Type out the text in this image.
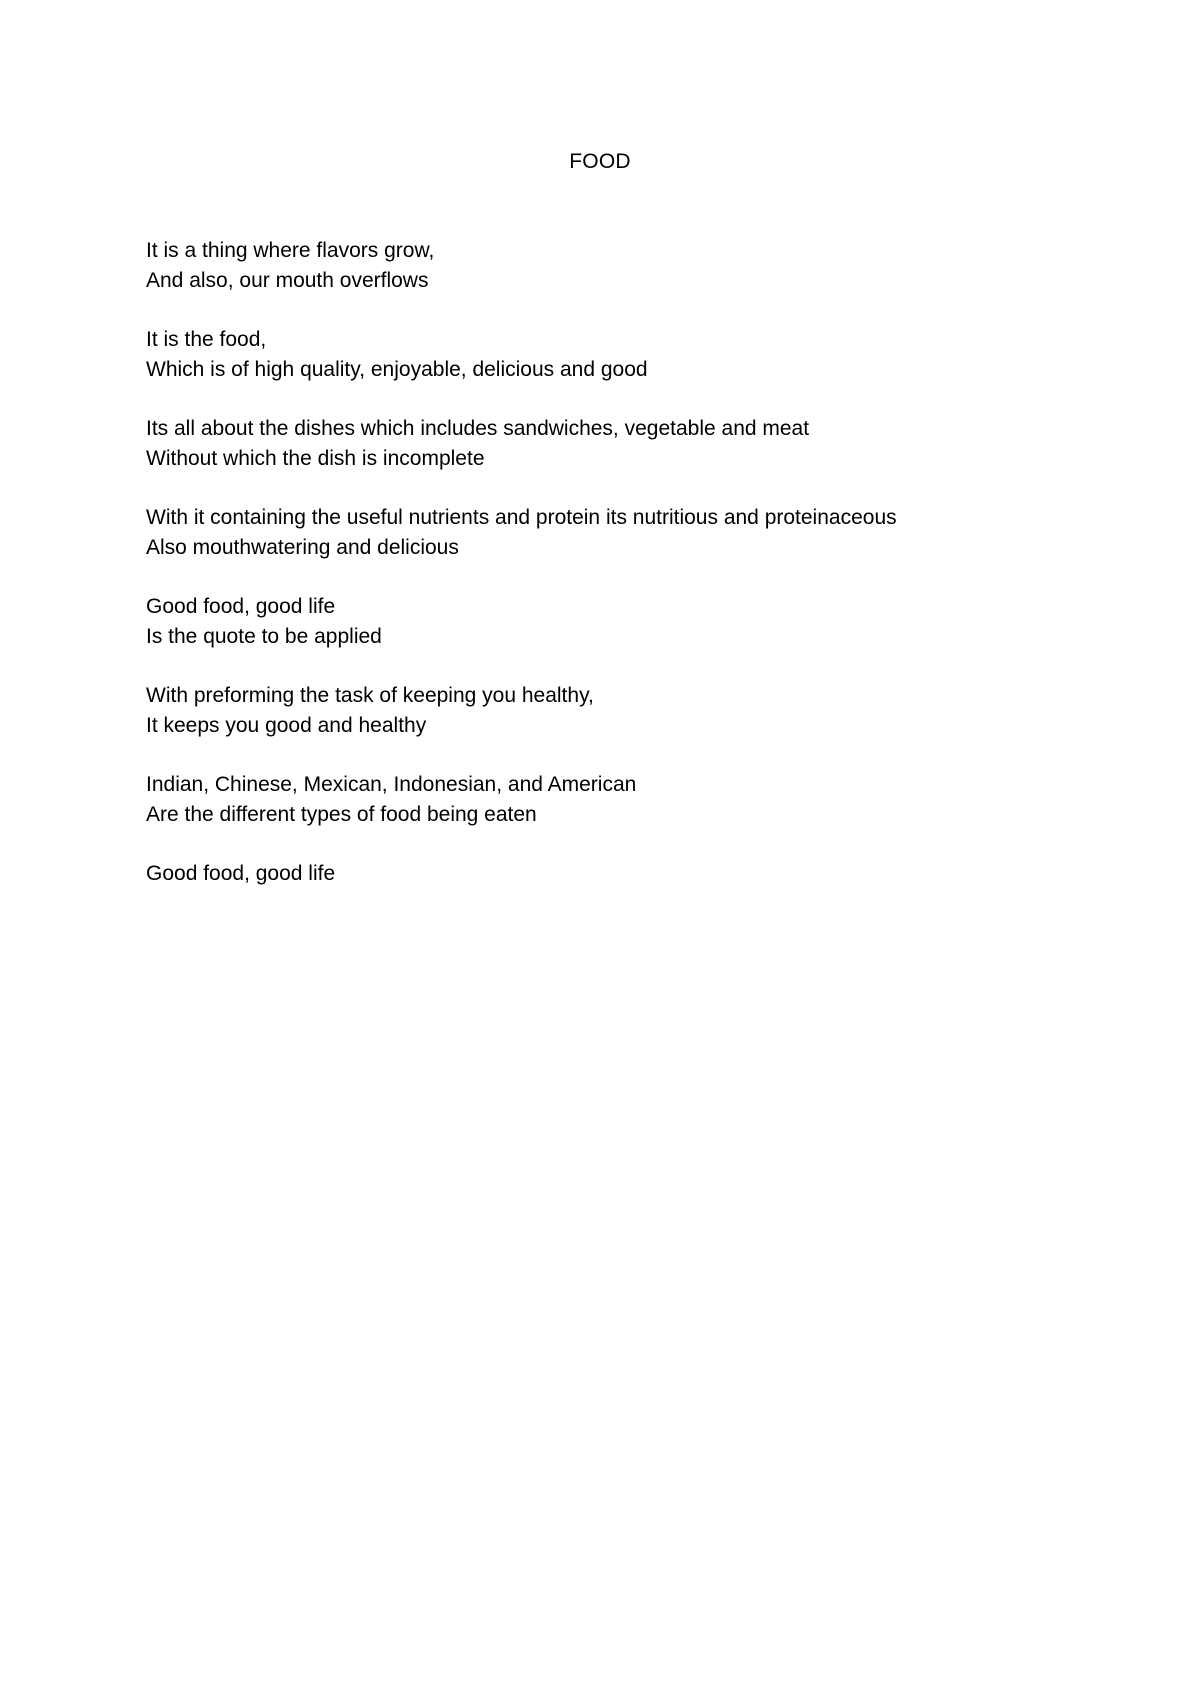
FOOD
It is a thing where flavors grow,
And also, our mouth overflows
It is the food,
Which is of high quality, enjoyable, delicious and good
Its all about the dishes which includes sandwiches, vegetable and meat
Without which the dish is incomplete
With it containing the useful nutrients and protein its nutritious and proteinaceous
Also mouthwatering and delicious
Good food, good life
Is the quote to be applied
With preforming the task of keeping you healthy,
It keeps you good and healthy
Indian, Chinese, Mexican, Indonesian, and American
Are the different types of food being eaten
Good food, good life
